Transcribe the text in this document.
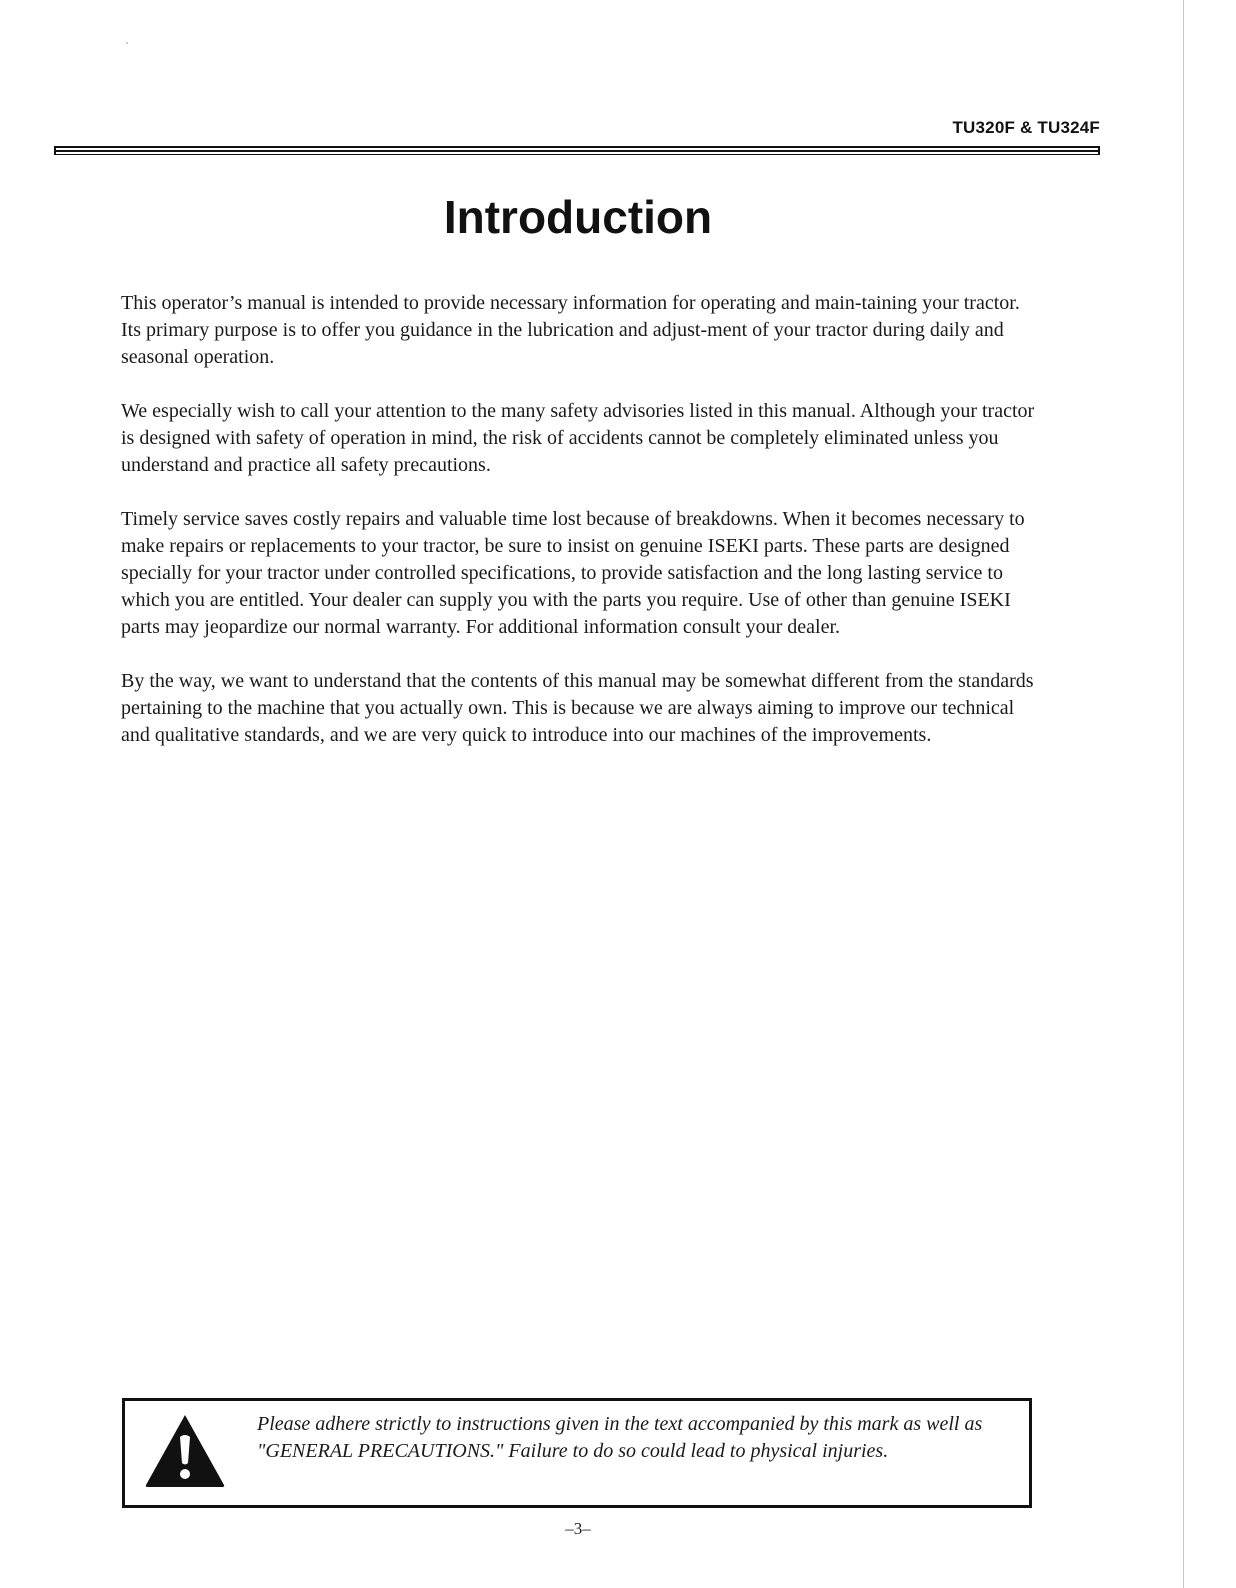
TU320F & TU324F
Introduction

This operator’s manual is intended to provide necessary information for operating and main-taining your tractor. Its primary purpose is to offer you guidance in the lubrication and adjust-ment of your tractor during daily and seasonal operation.

We especially wish to call your attention to the many safety advisories listed in this manual. Although your tractor is designed with safety of operation in mind, the risk of accidents cannot be completely eliminated unless you understand and practice all safety precautions.

Timely service saves costly repairs and valuable time lost because of breakdowns. When it becomes necessary to make repairs or replacements to your tractor, be sure to insist on genuine ISEKI parts. These parts are designed specially for your tractor under controlled specifications, to provide satisfaction and the long lasting service to which you are entitled. Your dealer can supply you with the parts you require. Use of other than genuine ISEKI parts may jeopardize our normal warranty. For additional information consult your dealer.

By the way, we want to understand that the contents of this manual may be somewhat different from the standards pertaining to the machine that you actually own. This is because we are always aiming to improve our technical and qualitative standards, and we are very quick to introduce into our machines of the improvements.

Please adhere strictly to instructions given in the text accompanied by this mark as well as "GENERAL PRECAUTIONS." Failure to do so could lead to physical injuries.
–3–
